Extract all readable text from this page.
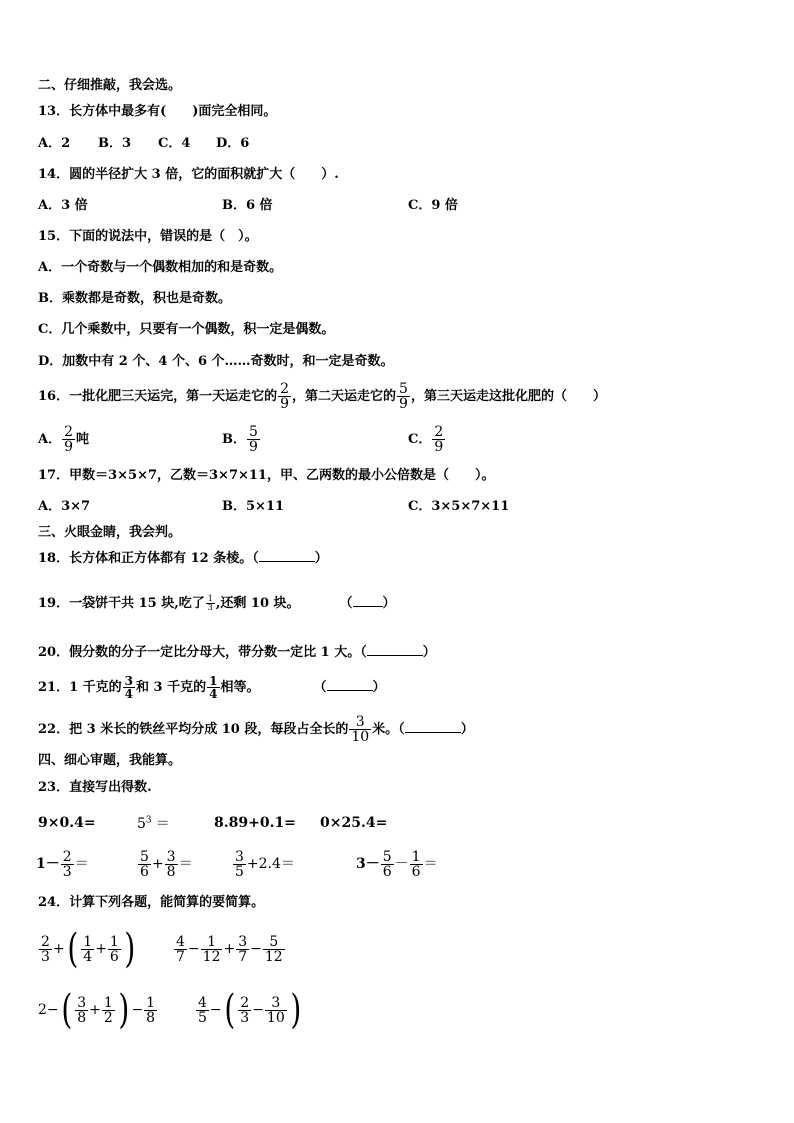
二、仔细推敲，我会选。
13．长方体中最多有(　　)面完全相同。
A．2 B．3 C．4 D．6
14．圆的半径扩大 3 倍，它的面积就扩大（　　）.
A．3 倍	B．6 倍	C．9 倍
15．下面的说法中，错误的是（　）。
A．一个奇数与一个偶数相加的和是奇数。
B．乘数都是奇数，积也是奇数。
C．几个乘数中，只要有一个偶数，积一定是偶数。
D．加数中有 2 个、4 个、6 个……奇数时，和一定是奇数。
16．一批化肥三天运完，第一天运走它的 $\frac{2}{9}$ ，第二天运走它的 $\frac{5}{9}$ ，第三天运走这批化肥的（　　）
A． $\frac{2}{9}$ 吨	B． $\frac{5}{9}$	C． $\frac{2}{9}$
17．甲数＝3×5×7，乙数＝3×7×11，甲、乙两数的最小公倍数是（　　）。
A．3×7	B．5×11	C．3×5×7×11
三、火眼金睛，我会判。
18．长方体和正方体都有 12 条棱。（	）
19．一袋饼干共 15 块,吃了 $\frac{1}{3}$ ,还剩 10 块。	（ ）
20．假分数的分子一定比分母大，带分数一定比 1 大。（	）
21．1 千克的 $\frac{3}{4}$ 和 3 千克的 $\frac{1}{4}$ 相等。	（	）
22．把 3 米长的铁丝平均分成 10 段，每段占全长的 $\frac{3}{10}$ 米。（	）
四、细心审题，我能算。
23．直接写出得数.
9×0.4=	$5^3$ ＝	8.89+0.1= 0×25.4=
$1- \frac{2}{3}$ ＝	$\frac{5}{6} + \frac{3}{8}$ ＝	$\frac{3}{5} +2.4=$	$3- \frac{5}{6} - \frac{1}{6}$ ＝
24．计算下列各题，能简算的要简算。
$\frac{2}{3}$ +( $\frac{1}{4} + \frac{1}{6}$ )	$\frac{4}{7} - \frac{1}{12} + \frac{3}{7} - \frac{5}{12}$
$2-( \frac{3}{8} + \frac{1}{2}$ ) − $\frac{1}{8}$	$\frac{4}{5}$ −( $\frac{2}{3} - \frac{3}{10}$ )
